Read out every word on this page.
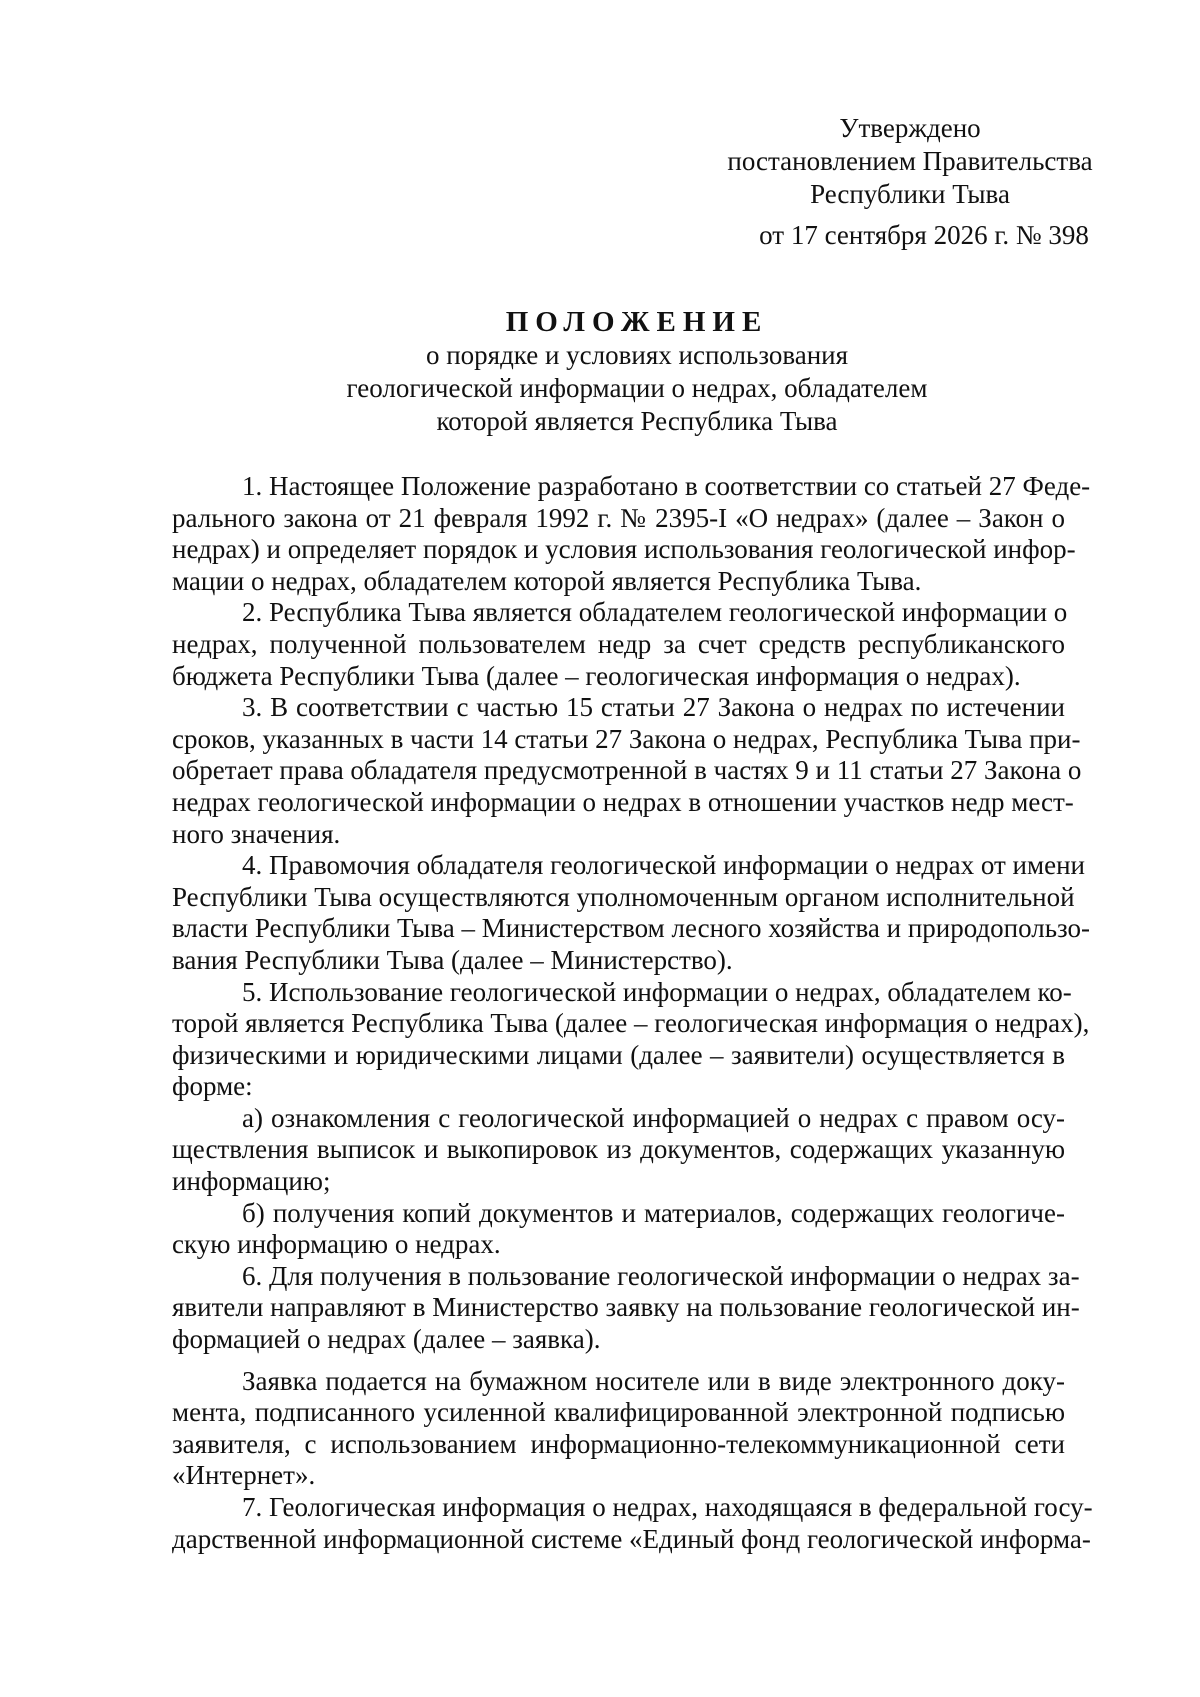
Утверждено
постановлением Правительства
Республики Тыва
от 17 сентября 2026 г. № 398
ПОЛОЖЕНИЕ
о порядке и условиях использования
геологической информации о недрах, обладателем
которой является Республика Тыва
1. Настоящее Положение разработано в соответствии со статьей 27 Феде-
рального закона от 21 февраля 1992 г. № 2395-I «О недрах» (далее – Закон о
недрах) и определяет порядок и условия использования геологической инфор-
мации о недрах, обладателем которой является Республика Тыва.
2. Республика Тыва является обладателем геологической информации о
недрах, полученной пользователем недр за счет средств республиканского
бюджета Республики Тыва (далее – геологическая информация о недрах).
3. В соответствии с частью 15 статьи 27 Закона о недрах по истечении
сроков, указанных в части 14 статьи 27 Закона о недрах, Республика Тыва при-
обретает права обладателя предусмотренной в частях 9 и 11 статьи 27 Закона о
недрах геологической информации о недрах в отношении участков недр мест-
ного значения.
4. Правомочия обладателя геологической информации о недрах от имени
Республики Тыва осуществляются уполномоченным органом исполнительной
власти Республики Тыва – Министерством лесного хозяйства и природопользо-
вания Республики Тыва (далее – Министерство).
5. Использование геологической информации о недрах, обладателем ко-
торой является Республика Тыва (далее – геологическая информация о недрах),
физическими и юридическими лицами (далее – заявители) осуществляется в
форме:
а) ознакомления с геологической информацией о недрах с правом осу-
ществления выписок и выкопировок из документов, содержащих указанную
информацию;
б) получения копий документов и материалов, содержащих геологиче-
скую информацию о недрах.
6. Для получения в пользование геологической информации о недрах за-
явители направляют в Министерство заявку на пользование геологической ин-
формацией о недрах (далее – заявка).
Заявка подается на бумажном носителе или в виде электронного доку-
мента, подписанного усиленной квалифицированной электронной подписью
заявителя, с использованием информационно-телекоммуникационной сети
«Интернет».
7. Геологическая информация о недрах, находящаяся в федеральной госу-
дарственной информационной системе «Единый фонд геологической информа-
